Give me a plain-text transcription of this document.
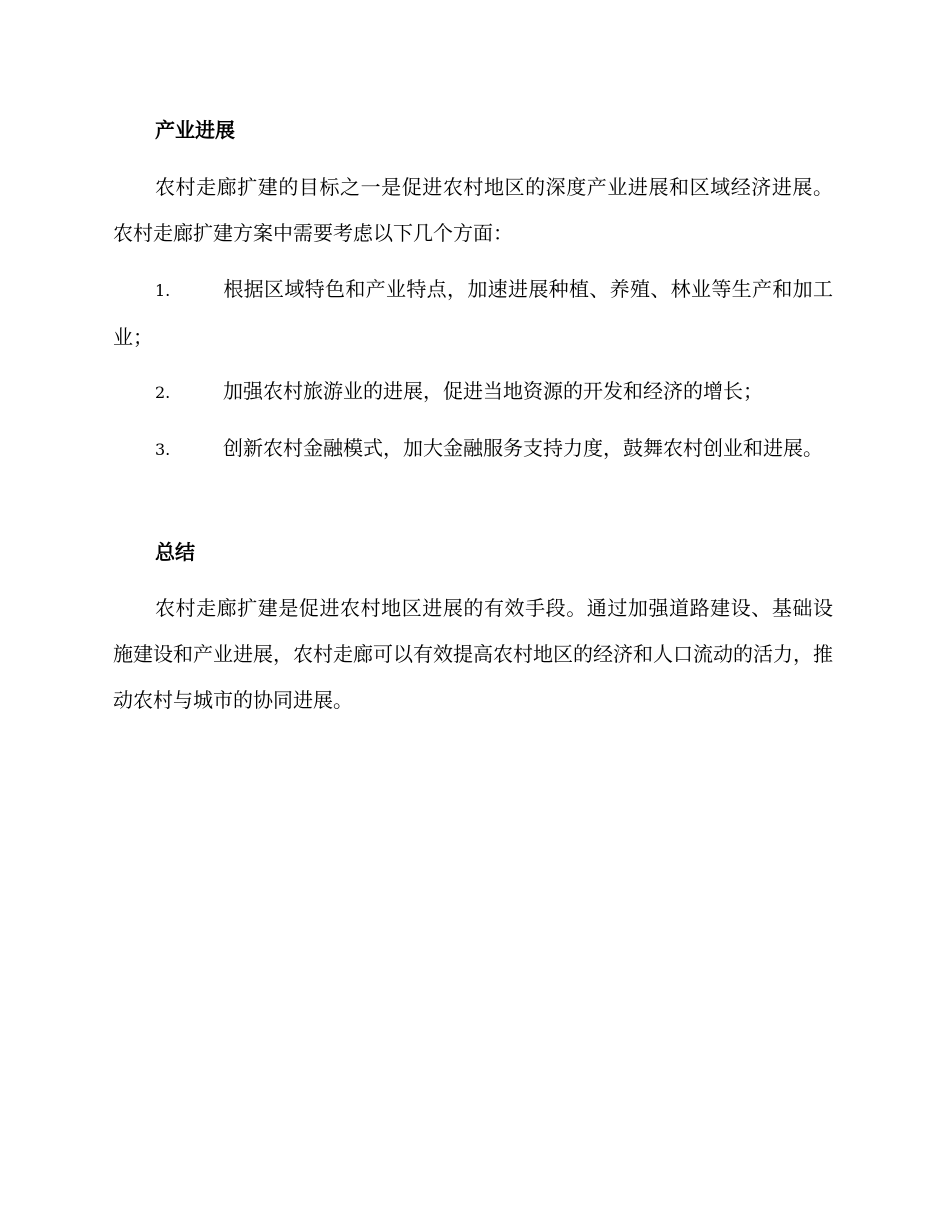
产业进展

农村走廊扩建的目标之一是促进农村地区的深度产业进展和区域经济进展。农村走廊扩建方案中需要考虑以下几个方面：

1.	根据区域特色和产业特点，加速进展种植、养殖、林业等生产和加工业；
2.	加强农村旅游业的进展，促进当地资源的开发和经济的增长；
3.	创新农村金融模式，加大金融服务支持力度，鼓舞农村创业和进展。
总结

农村走廊扩建是促进农村地区进展的有效手段。通过加强道路建设、基础设施建设和产业进展，农村走廊可以有效提高农村地区的经济和人口流动的活力，推动农村与城市的协同进展。
